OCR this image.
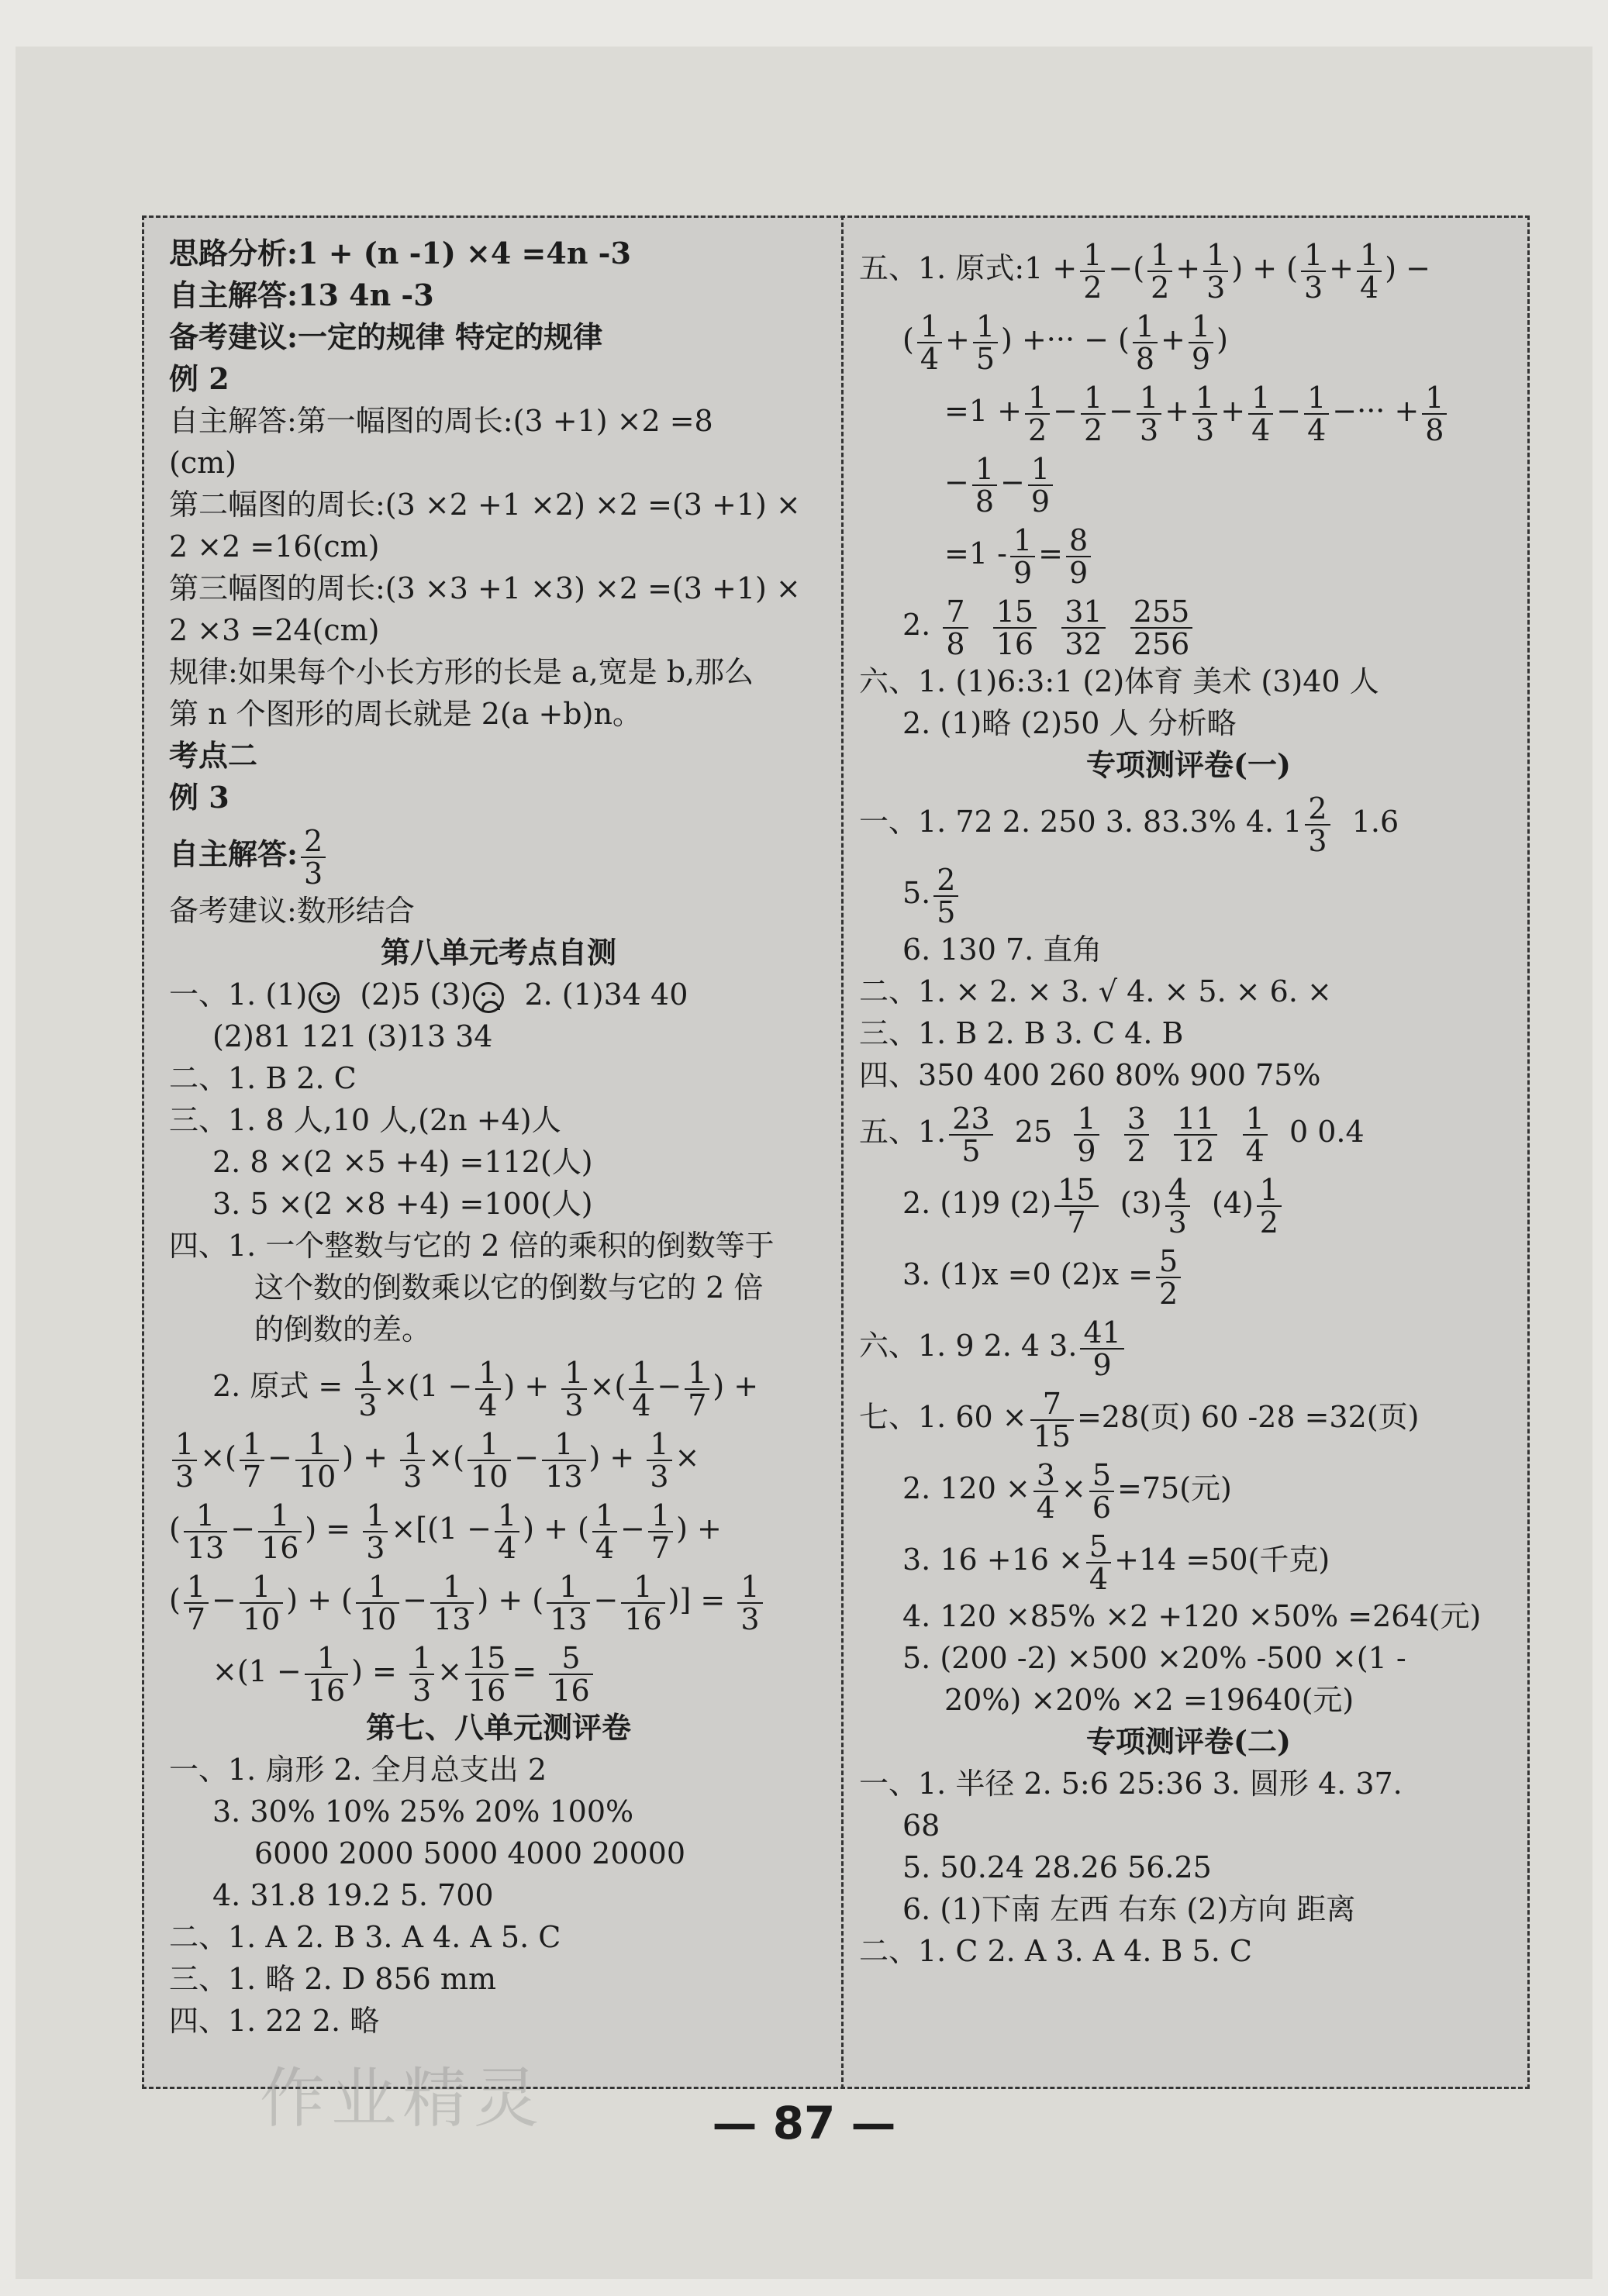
思路分析:1 + (n -1) ×4 =4n -3
自主解答:13 4n -3
备考建议:一定的规律 特定的规律
例 2
自主解答:第一幅图的周长:(3 +1) ×2 =8
(cm)
第二幅图的周长:(3 ×2 +1 ×2) ×2 =(3 +1) ×
2 ×2 =16(cm)
第三幅图的周长:(3 ×3 +1 ×3) ×2 =(3 +1) ×
2 ×3 =24(cm)
规律:如果每个小长方形的长是 a,宽是 b,那么
第 n 个图形的周长就是 2(a +b)n。
考点二
例 3
自主解答: $\frac{2}{3}$
备考建议:数形结合
第八单元考点自测
一、1. (1) (2)5 (3) 2. (1)34 40
(2)81 121 (3)13 34
二、1. B 2. C
三、1. 8 人,10 人,(2n +4)人
2. 8 ×(2 ×5 +4) =112(人)
3. 5 ×(2 ×8 +4) =100(人)
四、1. 一个整数与它的 2 倍的乘积的倒数等于
这个数的倒数乘以它的倒数与它的 2 倍
的倒数的差。
2. 原式 = $\frac{1}{3} \times(1 - \frac{1}{4}$ ) + $\frac{1}{3}$ ×( $\frac{1}{4} - \frac{1}{7}$ ) +
$\frac{1}{3}$ ×( $\frac{1}{7} - \frac{1}{10}$ ) + $\frac{1}{3}$ ×( $\frac{1}{10} - \frac{1}{13}$ ) + $\frac{1}{3}$ ×
( $\frac{1}{13} - \frac{1}{16}$ ) = $\frac{1}{3} \times[(1 - \frac{1}{4}$ ) + ( $\frac{1}{4} - \frac{1}{7}$ ) +
( $\frac{1}{7} - \frac{1}{10}$ ) + ( $\frac{1}{10} - \frac{1}{13}$ ) + ( $\frac{1}{13} - \frac{1}{16}$ )] = $\frac{1}{3}$
$\times(1 - \frac{1}{16}$ ) = $\frac{1}{3} \times \frac{15}{16} = \frac{5}{16}$
第七、八单元测评卷
一、1. 扇形 2. 全月总支出 2
3. 30% 10% 25% 20% 100%
6000 2000 5000 4000 20000
4. 31.8 19.2 5. 700
二、1. A 2. B 3. A 4. A 5. C
三、1. 略 2. D 856 mm
四、1. 22 2. 略
五、1. 原式:1 + $\frac{1}{2}$ −( $\frac{1}{2} + \frac{1}{3}$ ) + ( $\frac{1}{3} + \frac{1}{4}$ ) −
( $\frac{1}{4} + \frac{1}{5}$ ) +··· − ( $\frac{1}{8} + \frac{1}{9}$ )
$=1 + \frac{1}{2} - \frac{1}{2} - \frac{1}{3} + \frac{1}{3} + \frac{1}{4} - \frac{1}{4}$ −··· + $\frac{1}{8}$
− $\frac{1}{8} - \frac{1}{9}$
$=1 - \frac{1}{9} = \frac{8}{9}$
2. $\frac{7}{8}$
$\frac{15}{16}$
$\frac{31}{32}$
$\frac{255}{256}$
六、1. (1)6:3:1 (2)体育 美术 (3)40 人
2. (1)略 (2)50 人 分析略
专项测评卷(一)
一、1. 72 2. 250 3. 83.3% 4. $1 \frac{2}{3} 1.6$
5. $\frac{2}{5}$
6. 130 7. 直角
二、1. × 2. × 3. √ 4. × 5. × 6. ×
三、1. B 2. B 3. C 4. B
四、350 400 260 80% 900 75%
五、1. $\frac{23}{5} 25 \frac{1}{9}$
$\frac{3}{2}$
$\frac{11}{12}$
$\frac{1}{4} 0$ 0.4
2. (1)9 $(2) \frac{15}{7} (3) \frac{4}{3} (4) \frac{1}{2}$
3. (1)x =0 $(2)x = \frac{5}{2}$
六、1. 9 2. 4 3. $\frac{41}{9}$
七、1. $60 \times \frac{7}{15} =28$(页) 60 -28 =32(页)
2. $120 \times \frac{3}{4} \times \frac{5}{6} =75$(元)
3. $16 +16 \times \frac{5}{4} +14 =50$(千克)
4. 120 ×85% ×2 +120 ×50% =264(元)
5. (200 -2) ×500 ×20% -500 ×(1 -
20%) ×20% ×2 =19640(元)
专项测评卷(二)
一、1. 半径 2. 5:6 25:36 3. 圆形 4. 37.
68
5. 50.24 28.26 56.25
6. (1)下南 左西 右东 (2)方向 距离
二、1. C 2. A 3. A 4. B 5. C
作业精灵	— 87 —
